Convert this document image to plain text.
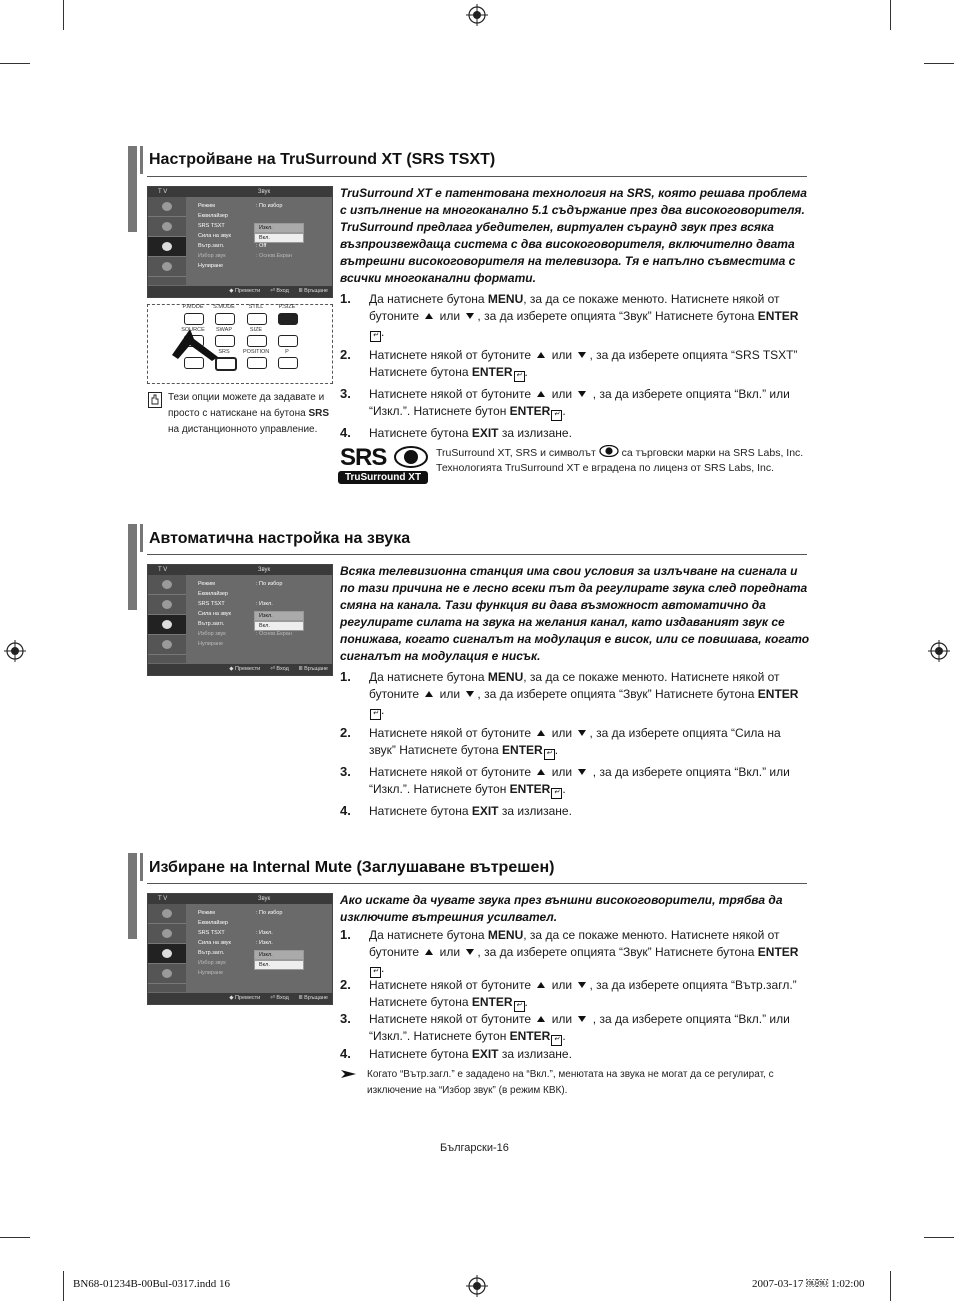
Настройване на TruSurround XT (SRS TSXT)
T V	Звук
Режим	: По избор
Еквилайзер
SRS TSXT
Сила на звук
Вътр.загл.	: Off
Избор звук	: Основ.Екран
Нулиране
Изкл.
Вкл.
◆ Премести ⏎ Вход Ⅲ Връщане
P.MODE	S.MODE	STILL	P.SIZE
SOURCE	SWAP	SIZE
SRS	POSITION	P
Тези опции можете да задавате и просто с натискане на бутона SRS на дистанционното управление.
TruSurround XT е патентована технология на SRS, която решава проблема с изпълнение на многоканално 5.1 съдържание през два високоговорителя. TruSurround предлага убедителен, виртуален съраунд звук през всяка възпроизвеждаща система с два високоговорителя, включително двата вътрешни високоговорителя на телевизора. Тя е напълно съвместима с всички многоканални формати.
1. Да натиснете бутона MENU, за да се покаже менюто. Натиснете някой от бутоните  или , за да изберете опцията “Звук” Натиснете бутона ENTER↵ .
2. Натиснете някой от бутоните  или , за да изберете опцията “SRS TSXT” Натиснете бутона ENTER ↵ .
3. Натиснете някой от бутоните  или  , за да изберете опцията “Вкл.” или “Изкл.”. Натиснете бутон ENTER ↵ .
4. Натиснете бутона EXIT за излизане.
SRS
TruSurround XT
TruSurround XT, SRS и символът  са търговски марки на SRS Labs, Inc. Технологията TruSurround XT е вградена по лиценз от SRS Labs, Inc.
Автоматична настройка на звука
T V	Звук
Режим	: По избор
Еквилайзер
SRS TSXT	: Изкл.
Сила на звук
Вътр.загл.
Избор звук	: Основ.Екран
Нулиране
Изкл.
Вкл.
◆ Премести ⏎ Вход Ⅲ Връщане
Всяка телевизионна станция има свои условия за излъчване на сигнала и по тази причина не е лесно всеки път да регулирате звука след поредната смяна на канала. Тази функция ви дава възможност автоматично да регулирате силата на звука на желания канал, като издаваният звук се понижава, когато сигналът на модулация е висок, или се повишава, когато сигналът на модулация е нисък.
1. Да натиснете бутона MENU, за да се покаже менюто. Натиснете някой от бутоните  или , за да изберете опцията “Звук” Натиснете бутона ENTER↵ .
2. Натиснете някой от бутоните  или , за да изберете опцията “Сила на звук” Натиснете бутона ENTER ↵ .
3. Натиснете някой от бутоните  или  , за да изберете опцията “Вкл.” или “Изкл.”. Натиснете бутон ENTER ↵ .
4. Натиснете бутона EXIT за излизане.
Избиране на Internal Mute (Заглушаване вътрешен)
T V	Звук
Режим	: По избор
Еквилайзер
SRS TSXT	: Изкл.
Сила на звук	: Изкл.
Вътр.загл.
Избор звук
Нулиране
Изкл.
Вкл.
◆ Премести ⏎ Вход Ⅲ Връщане
Ако искате да чувате звука през външни високоговорители, трябва да изключите вътрешния усилвател.
1. Да натиснете бутона MENU, за да се покаже менюто. Натиснете някой от бутоните  или , за да изберете опцията “Звук” Натиснете бутона ENTER↵ .
2. Натиснете някой от бутоните  или , за да изберете опцията “Вътр.загл.” Натиснете бутона ENTER ↵ .
3. Натиснете някой от бутоните  или  , за да изберете опцията “Вкл.” или “Изкл.”. Натиснете бутон ENTER ↵ .
4. Натиснете бутона EXIT за излизане.
Когато “Вътр.загл.” е зададено на “Вкл.”, менютата на звука не могат да се регулират, с изключение на “Избор звук” (в режим КВК).
Български-16
BN68-01234B-00Bul-0317.indd 16	2007-03-17 ￼￼ 1:02:00
